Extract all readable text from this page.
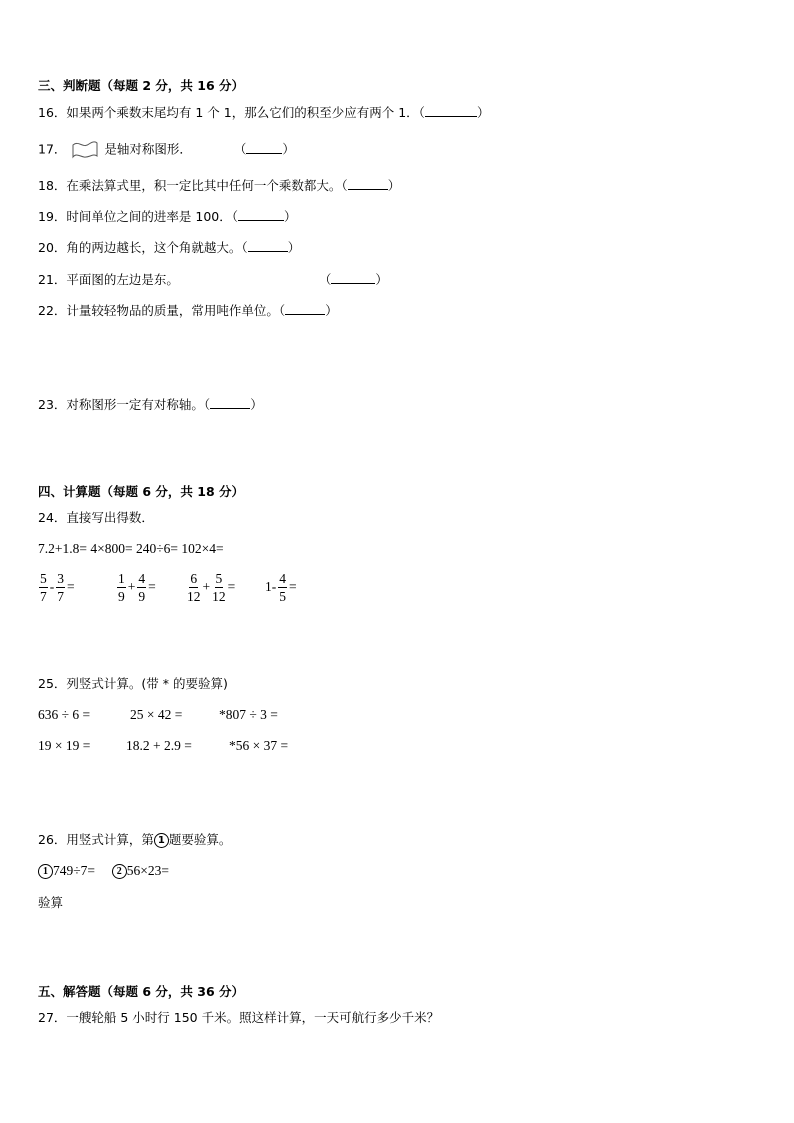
三、判断题（每题 2 分，共 16 分）
16．如果两个乘数末尾均有 1 个 1，那么它们的积至少应有两个 1．（	）
17．	是轴对称图形．	（	）
18．在乘法算式里，积一定比其中任何一个乘数都大。（	）
19．时间单位之间的进率是 100．（	）
20．角的两边越长，这个角就越大。（	）
21．平面图的左边是东。	（	）
22．计量较轻物品的质量，常用吨作单位。（	）
23．对称图形一定有对称轴。（	）
四、计算题（每题 6 分，共 18 分）
24．直接写出得数．
7.2+1.8= 4×800= 240÷6= 102×4=
$\frac{5}{7} - \frac{3}{7}$ =	$\frac{1}{9} + \frac{4}{9} = \frac{6}{12} + \frac{5}{12} = 1- \frac{4}{5}$ =
25．列竖式计算。(带 * 的要验算)
636 ÷ 6 =	25 × 42 =	*807 ÷ 3 =
19 × 19 =	18.2 + 2.9 =	*56 × 37 =
26．用竖式计算，第 1 题要验算。
1 749÷7= 2 56×23=
验算
五、解答题（每题 6 分，共 36 分）
27．一艘轮船 5 小时行 150 千米。照这样计算，一天可航行多少千米？
